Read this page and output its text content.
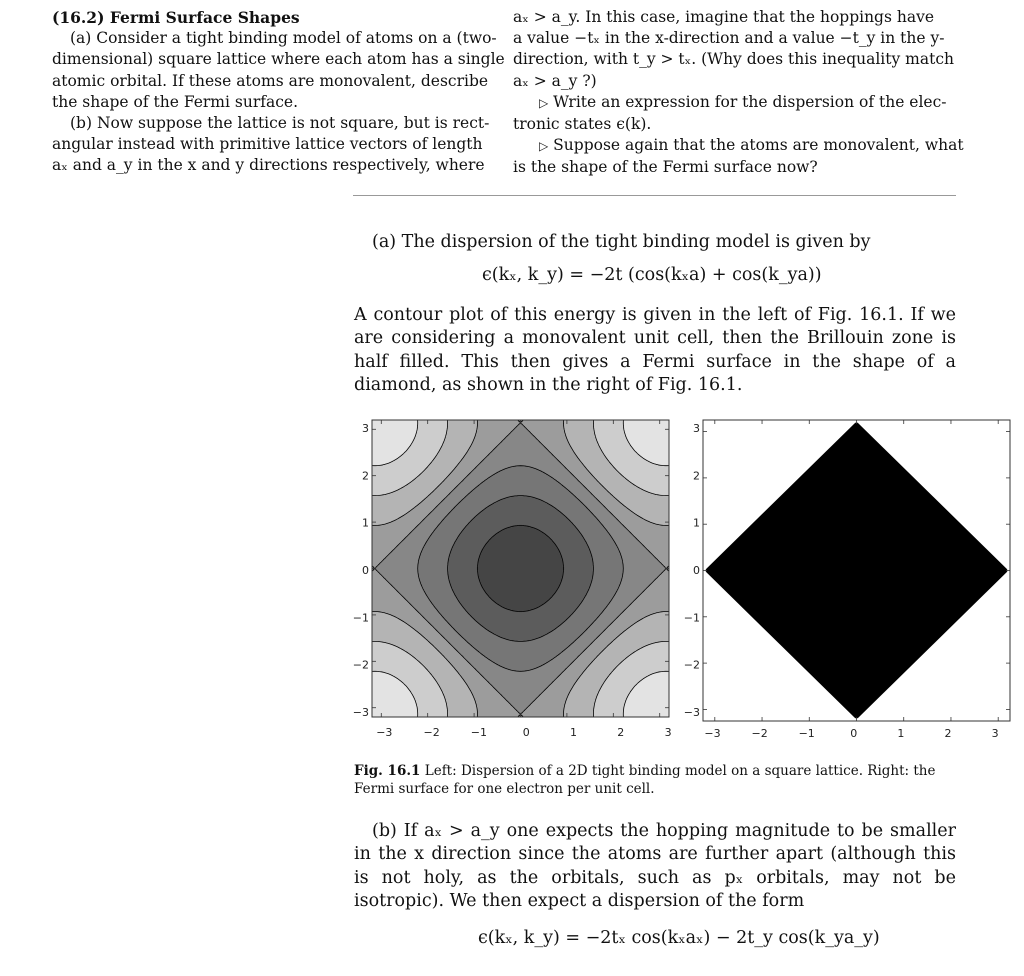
(16.2) Fermi Surface Shapes
(a) Consider a tight binding model of atoms on a (two-
dimensional) square lattice where each atom has a single
atomic orbital. If these atoms are monovalent, describe
the shape of the Fermi surface.
(b) Now suppose the lattice is not square, but is rect-
angular instead with primitive lattice vectors of length
aₓ and a_y in the x and y directions respectively, where
aₓ > a_y. In this case, imagine that the hoppings have
a value −tₓ in the x-direction and a value −t_y in the y-
direction, with t_y > tₓ. (Why does this inequality match
aₓ > a_y ?)
▷ Write an expression for the dispersion of the elec-
tronic states ϵ(k).
▷ Suppose again that the atoms are monovalent, what
is the shape of the Fermi surface now?
(a) The dispersion of the tight binding model is given by
ϵ(kₓ, k_y) = −2t (cos(kₓa) + cos(k_ya))
A contour plot of this energy is given in the left of Fig. 16.1. If we are considering a monovalent unit cell, then the Brillouin zone is half filled. This then gives a Fermi surface in the shape of a diamond, as shown in the right of Fig. 16.1.
−3	−2	−1	0	1	2	3
3
2
1
0
−1
−2
−3
−3	−2	−1	0	1	2	3
3
2
1
0
−1
−2
−3
Fig. 16.1 Left: Dispersion of a 2D tight binding model on a square lattice. Right: the Fermi surface for one electron per unit cell.
(b) If aₓ > a_y one expects the hopping magnitude to be smaller in the x direction since the atoms are further apart (although this is not holy, as the orbitals, such as pₓ orbitals, may not be isotropic). We then expect a dispersion of the form
ϵ(kₓ, k_y) = −2tₓ cos(kₓaₓ) − 2t_y cos(k_ya_y)
